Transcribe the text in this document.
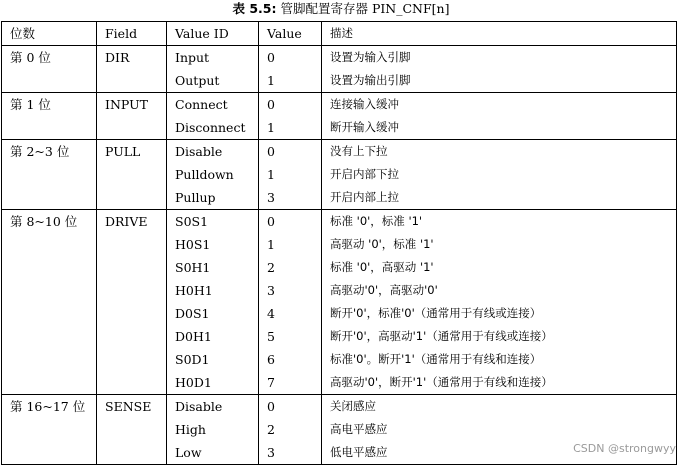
表 5.5: 管脚配置寄存器 PIN_CNF[n]
位数	Field	Value ID	Value	描述
第 0 位	DIR	Input	0	设置为输入引脚
		Output	1	设置为输出引脚
第 1 位	INPUT	Connect	0	连接输入缓冲
		Disconnect	1	断开输入缓冲
第 2~3 位	PULL	Disable	0	没有上下拉
		Pulldown	1	开启内部下拉
		Pullup	3	开启内部上拉
第 8~10 位	DRIVE	S0S1	0	标准 '0'，标准 '1'
		H0S1	1	高驱动 '0'，标准 '1'
		S0H1	2	标准 '0'，高驱动 '1'
		H0H1	3	高驱动'0'，高驱动'0'
		D0S1	4	断开'0'，标准'0'（通常用于有线或连接）
		D0H1	5	断开'0'，高驱动'1'（通常用于有线或连接）
		S0D1	6	标准'0'。断开'1'（通常用于有线和连接）
		H0D1	7	高驱动'0'，断开'1'（通常用于有线和连接）
第 16~17 位	SENSE	Disable	0	关闭感应
		High	2	高电平感应
		Low	3	低电平感应	CSDN @strongwyy
